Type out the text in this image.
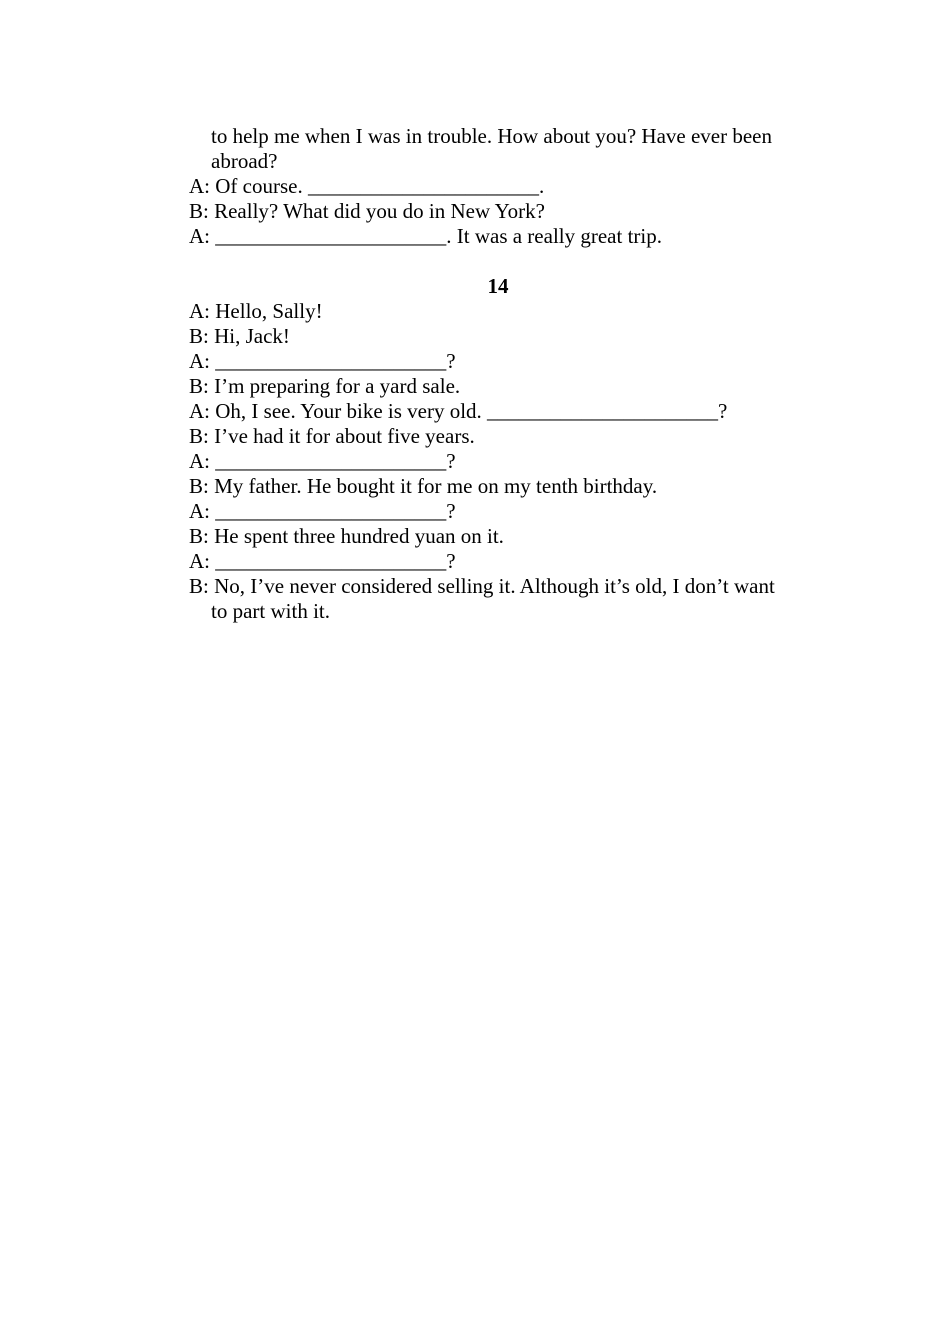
to help me when I was in trouble. How about you? Have ever been abroad?
A: Of course. ______________________.
B: Really? What did you do in New York?
A: ______________________. It was a really great trip.
14
A: Hello, Sally!
B: Hi, Jack!
A: ______________________?
B: I’m preparing for a yard sale.
A: Oh, I see. Your bike is very old. ______________________?
B: I’ve had it for about five years.
A: ______________________?
B: My father. He bought it for me on my tenth birthday.
A: ______________________?
B: He spent three hundred yuan on it.
A: ______________________?
B: No, I’ve never considered selling it. Although it’s old, I don’t want to part with it.
